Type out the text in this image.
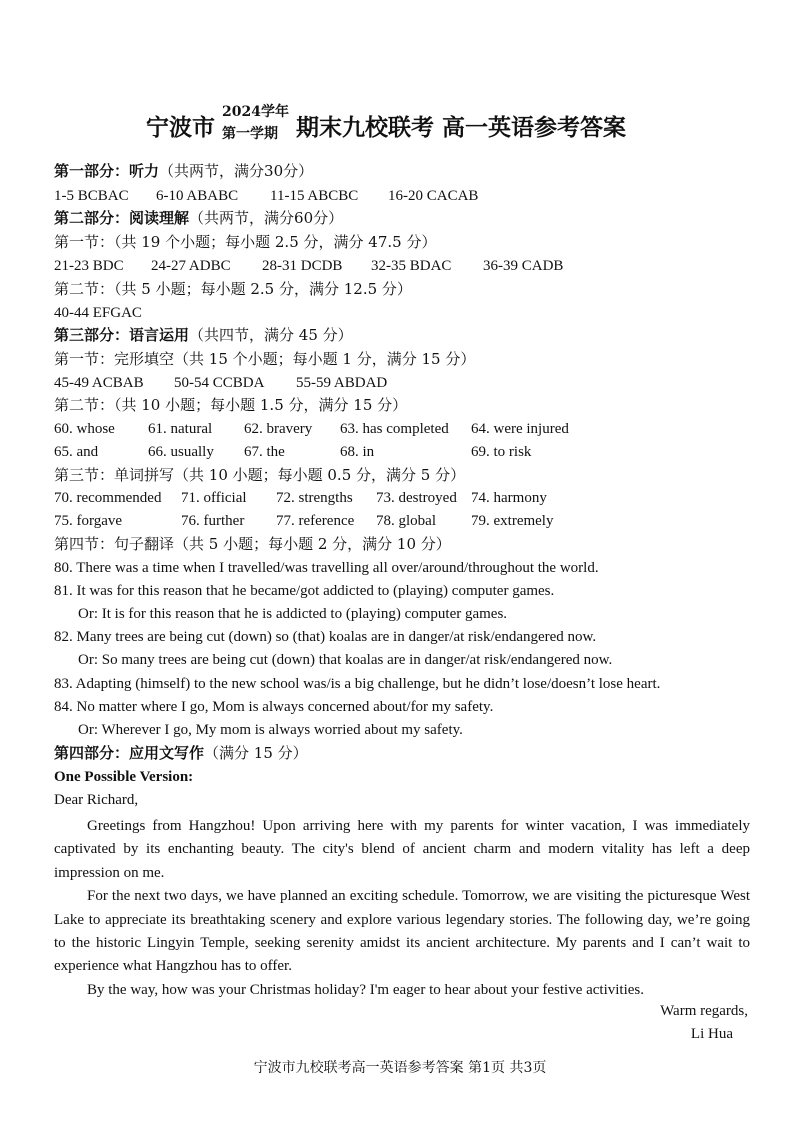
宁波市
2024学年
第一学期 期末九校联考 高一英语参考答案
第一部分：听力（共两节，满分30分）
1-5 BCBAC 6-10 ABABC 11-15 ABCBC 16-20 CACAB
第二部分：阅读理解（共两节，满分60分）
第一节：（共 19 个小题；每小题 2.5 分，满分 47.5 分）
21-23 BDC 24-27 ADBC 28-31 DCDB 32-35 BDAC 36-39 CADB
第二节：（共 5 小题；每小题 2.5 分，满分 12.5 分）
40-44 EFGAC
第三部分：语言运用（共四节，满分 45 分）
第一节：完形填空（共 15 个小题；每小题 1 分，满分 15 分）
45-49 ACBAB 50-54 CCBDA 55-59 ABDAD
第二节：（共 10 小题；每小题 1.5 分，满分 15 分）
60. whose 61. natural 62. bravery 63. has completed 64. were injured
65. and	66. usually 67. the	68. in	69. to risk
第三节：单词拼写（共 10 小题；每小题 0.5 分，满分 5 分）
70. recommended 71. official 72. strengths 73. destroyed 74. harmony
75. forgave	76. further 77. reference 78. global 79. extremely
第四节：句子翻译（共 5 小题；每小题 2 分，满分 10 分）
80. There was a time when I travelled/was travelling all over/around/throughout the world.
81. It was for this reason that he became/got addicted to (playing) computer games.
Or: It is for this reason that he is addicted to (playing) computer games.
82. Many trees are being cut (down) so (that) koalas are in danger/at risk/endangered now.
Or: So many trees are being cut (down) that koalas are in danger/at risk/endangered now.
83. Adapting (himself) to the new school was/is a big challenge, but he didn’t lose/doesn’t lose heart.
84. No matter where I go, Mom is always concerned about/for my safety.
Or: Wherever I go, My mom is always worried about my safety.
第四部分：应用文写作（满分 15 分）
One Possible Version:
Dear Richard,

Greetings from Hangzhou! Upon arriving here with my parents for winter vacation, I was immediately captivated by its enchanting beauty. The city's blend of ancient charm and modern vitality has left a deep impression on me.

For the next two days, we have planned an exciting schedule. Tomorrow, we are visiting the picturesque West Lake to appreciate its breathtaking scenery and explore various legendary stories. The following day, we’re going to the historic Lingyin Temple, seeking serenity amidst its ancient architecture. My parents and I can’t wait to experience what Hangzhou has to offer.

By the way, how was your Christmas holiday? I'm eager to hear about your festive activities.

Warm regards,
Li Hua
宁波市九校联考高一英语参考答案 第1页 共3页
